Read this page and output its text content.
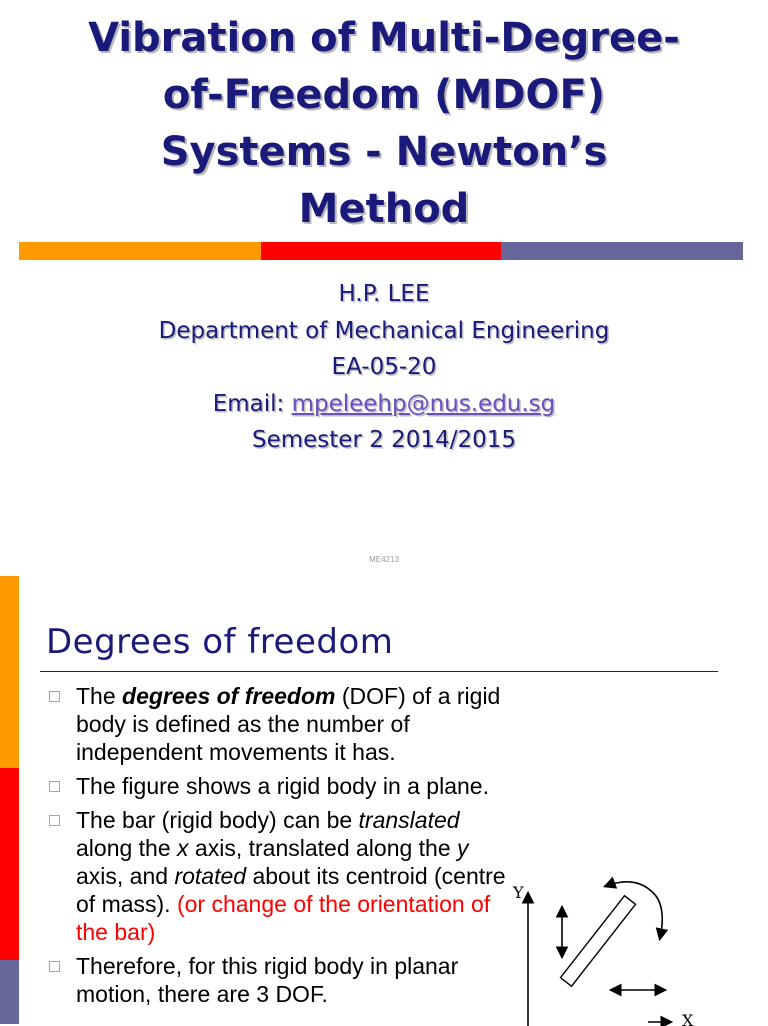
Vibration of Multi-Degree-
of-Freedom (MDOF)
Systems - Newton’s
Method
H.P. LEE
Department of Mechanical Engineering
EA-05-20
Email: mpeleehp@nus.edu.sg
Semester 2 2014/2015
ME4213
Degrees of freedom
The degrees of freedom (DOF) of a rigid body is defined as the number of independent movements it has.
The figure shows a rigid body in a plane.
The bar (rigid body) can be translated along the x axis, translated along the y axis, and rotated about its centroid (centre of mass). (or change of the orientation of the bar)
Therefore, for this rigid body in planar motion, there are 3 DOF.
Y
X
